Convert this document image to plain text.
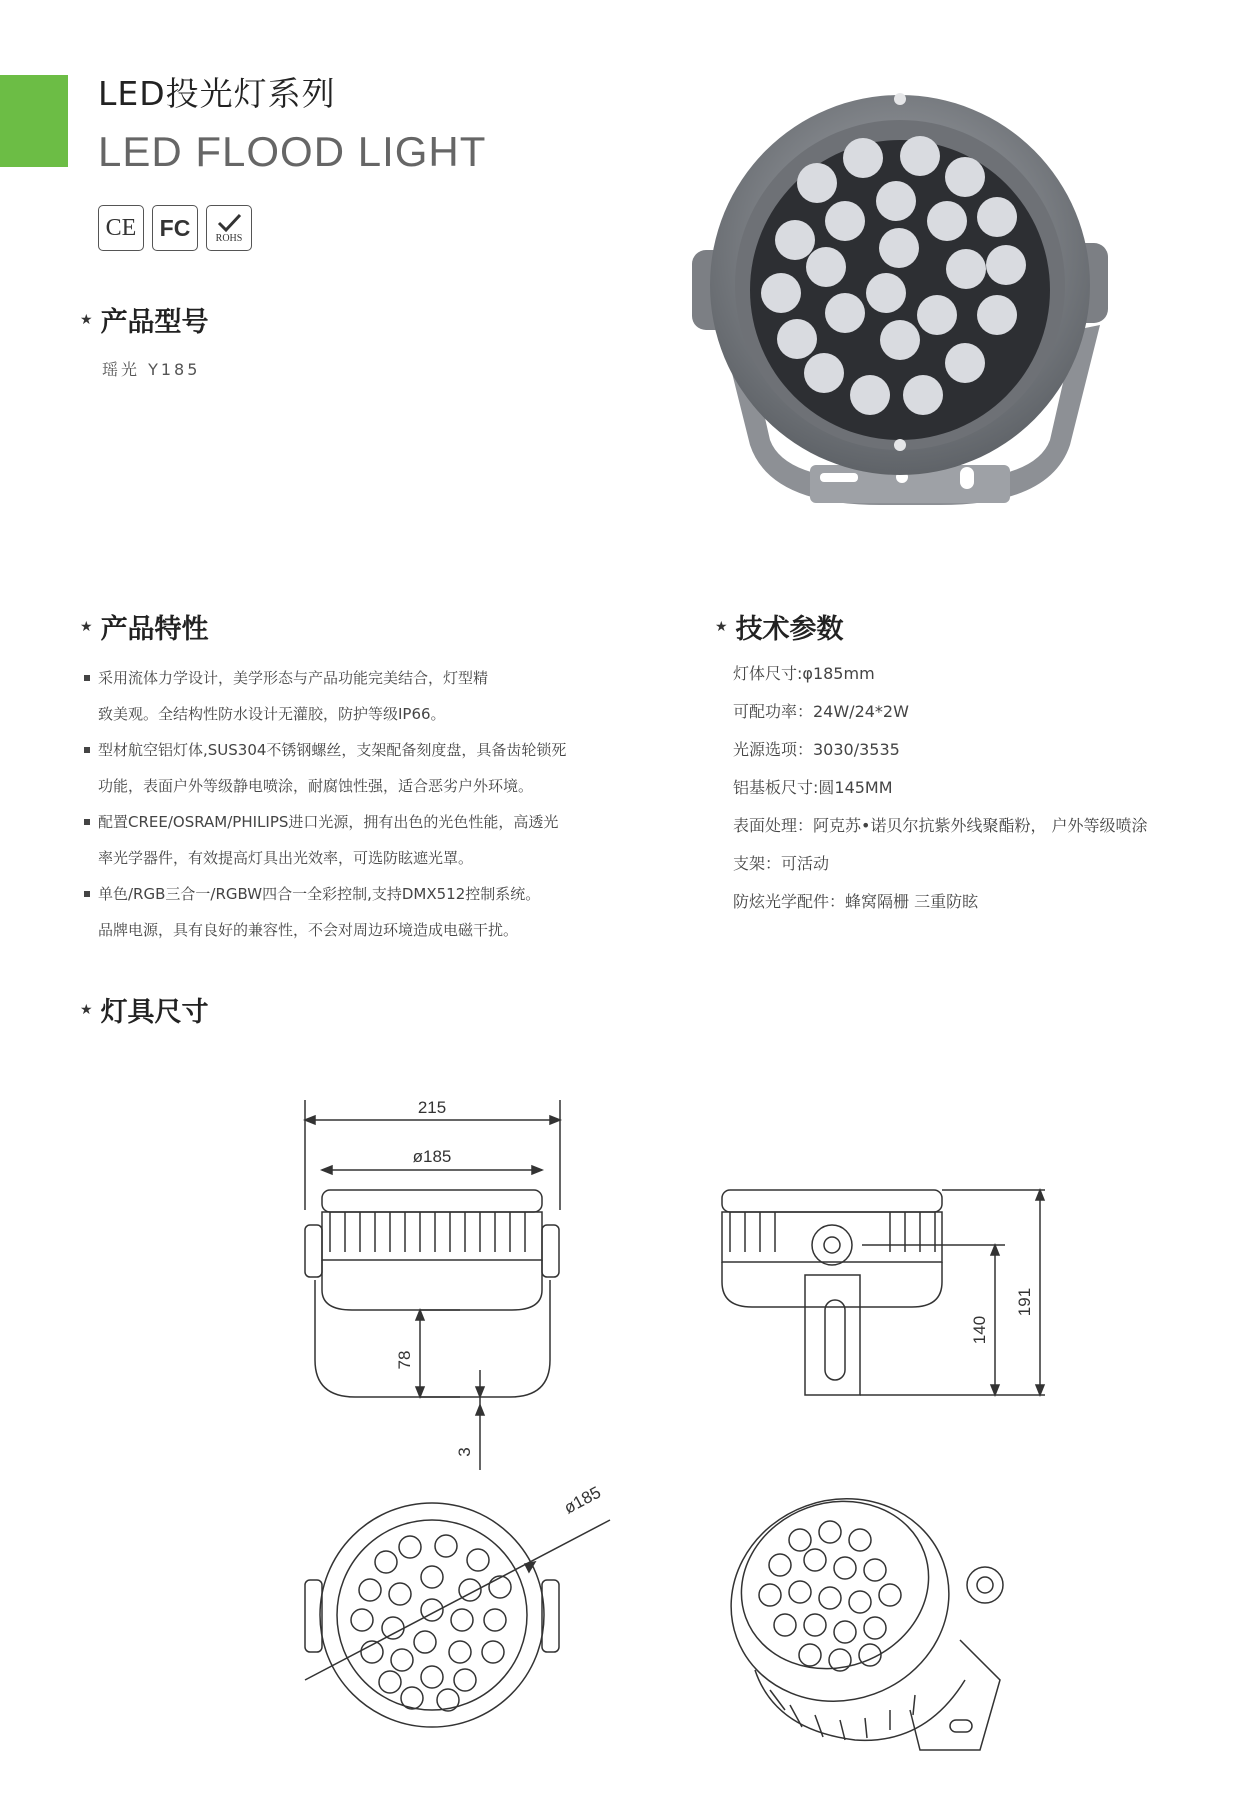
LED投光灯系列
LED FLOOD LIGHT
CE FC	ROHS
★ 产品型号
瑶光 Y185
★ 产品特性
采用流体力学设计，美学形态与产品功能完美结合，灯型精
致美观。全结构性防水设计无灌胶，防护等级IP66。
型材航空铝灯体,SUS304不锈钢螺丝，支架配备刻度盘，具备齿轮锁死
功能，表面户外等级静电喷涂，耐腐蚀性强，适合恶劣户外环境。
配置CREE/OSRAM/PHILIPS进口光源，拥有出色的光色性能，高透光
率光学器件，有效提高灯具出光效率，可选防眩遮光罩。
单色/RGB三合一/RGBW四合一全彩控制,支持DMX512控制系统。
品牌电源，具有良好的兼容性，不会对周边环境造成电磁干扰。
★ 技术参数
灯体尺寸:φ185mm
可配功率：24W/24*2W
光源选项：3030/3535
铝基板尺寸:圆145MM
表面处理：阿克苏•诺贝尔抗紫外线聚酯粉， 户外等级喷涂
支架：可活动
防炫光学配件：蜂窝隔栅 三重防眩
★ 灯具尺寸
215
ø185
78
3
140
191
ø185
